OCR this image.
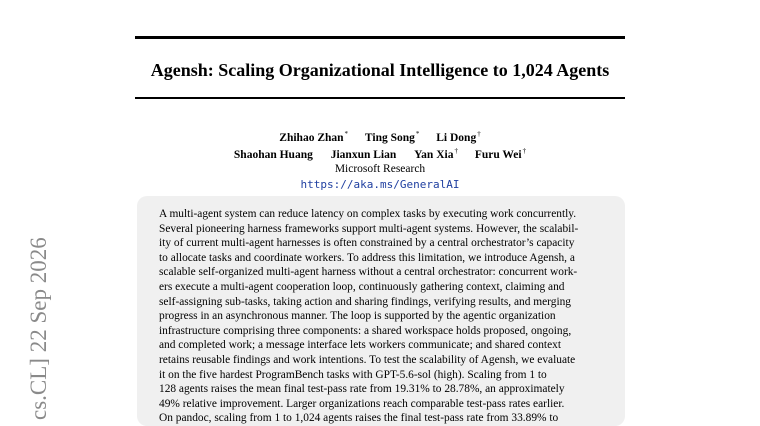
Agensh: Scaling Organizational Intelligence to 1,024 Agents
Zhihao Zhan* Ting Song* Li Dong†
Shaohan Huang Jianxun Lian Yan Xia† Furu Wei†
Microsoft Research
https://aka.ms/GeneralAI
A multi-agent system can reduce latency on complex tasks by executing work concurrently.
Several pioneering harness frameworks support multi-agent systems. However, the scalabil-
ity of current multi-agent harnesses is often constrained by a central orchestrator’s capacity
to allocate tasks and coordinate workers. To address this limitation, we introduce Agensh, a
scalable self-organized multi-agent harness without a central orchestrator: concurrent work-
ers execute a multi-agent cooperation loop, continuously gathering context, claiming and
self-assigning sub-tasks, taking action and sharing findings, verifying results, and merging
progress in an asynchronous manner. The loop is supported by the agentic organization
infrastructure comprising three components: a shared workspace holds proposed, ongoing,
and completed work; a message interface lets workers communicate; and shared context
retains reusable findings and work intentions. To test the scalability of Agensh, we evaluate
it on the five hardest ProgramBench tasks with GPT-5.6-sol (high). Scaling from 1 to
128 agents raises the mean final test-pass rate from 19.31% to 28.78%, an approximately
49% relative improvement. Larger organizations reach comparable test-pass rates earlier.
On pandoc, scaling from 1 to 1,024 agents raises the final test-pass rate from 33.89% to
cs.CL] 22 Sep 2026
